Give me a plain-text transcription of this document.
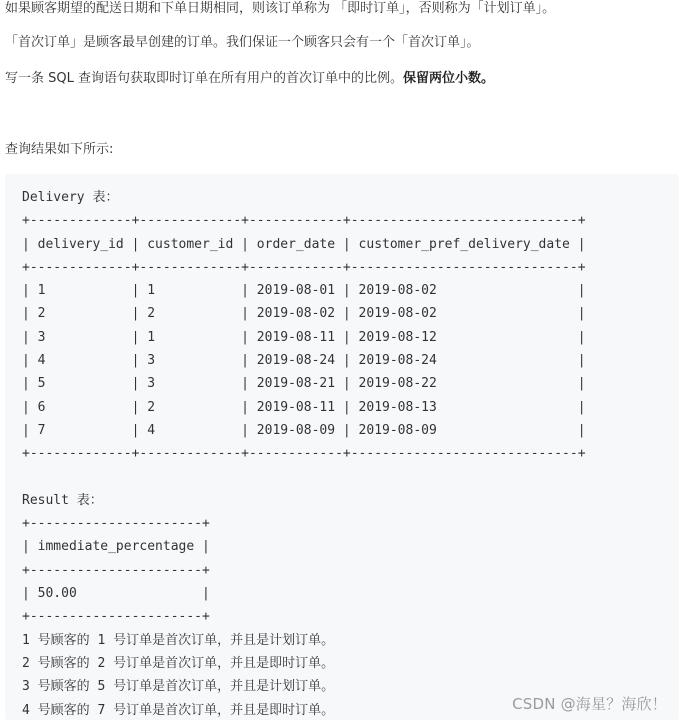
如果顾客期望的配送日期和下单日期相同，则该订单称为 「即时订单」，否则称为「计划订单」。
「首次订单」是顾客最早创建的订单。我们保证一个顾客只会有一个「首次订单」。
写一条 SQL 查询语句获取即时订单在所有用户的首次订单中的比例。保留两位小数。
查询结果如下所示:
Delivery 表：
+-------------+-------------+------------+-----------------------------+
| delivery_id | customer_id | order_date | customer_pref_delivery_date |
+-------------+-------------+------------+-----------------------------+
| 1           | 1           | 2019-08-01 | 2019-08-02                  |
| 2           | 2           | 2019-08-02 | 2019-08-02                  |
| 3           | 1           | 2019-08-11 | 2019-08-12                  |
| 4           | 3           | 2019-08-24 | 2019-08-24                  |
| 5           | 3           | 2019-08-21 | 2019-08-22                  |
| 6           | 2           | 2019-08-11 | 2019-08-13                  |
| 7           | 4           | 2019-08-09 | 2019-08-09                  |
+-------------+-------------+------------+-----------------------------+

Result 表：
+----------------------+
| immediate_percentage |
+----------------------+
| 50.00                |
+----------------------+
1 号顾客的 1 号订单是首次订单，并且是计划订单。
2 号顾客的 2 号订单是首次订单，并且是即时订单。
3 号顾客的 5 号订单是首次订单，并且是计划订单。
4 号顾客的 7 号订单是首次订单，并且是即时订单。	CSDN @海星？海欣！
